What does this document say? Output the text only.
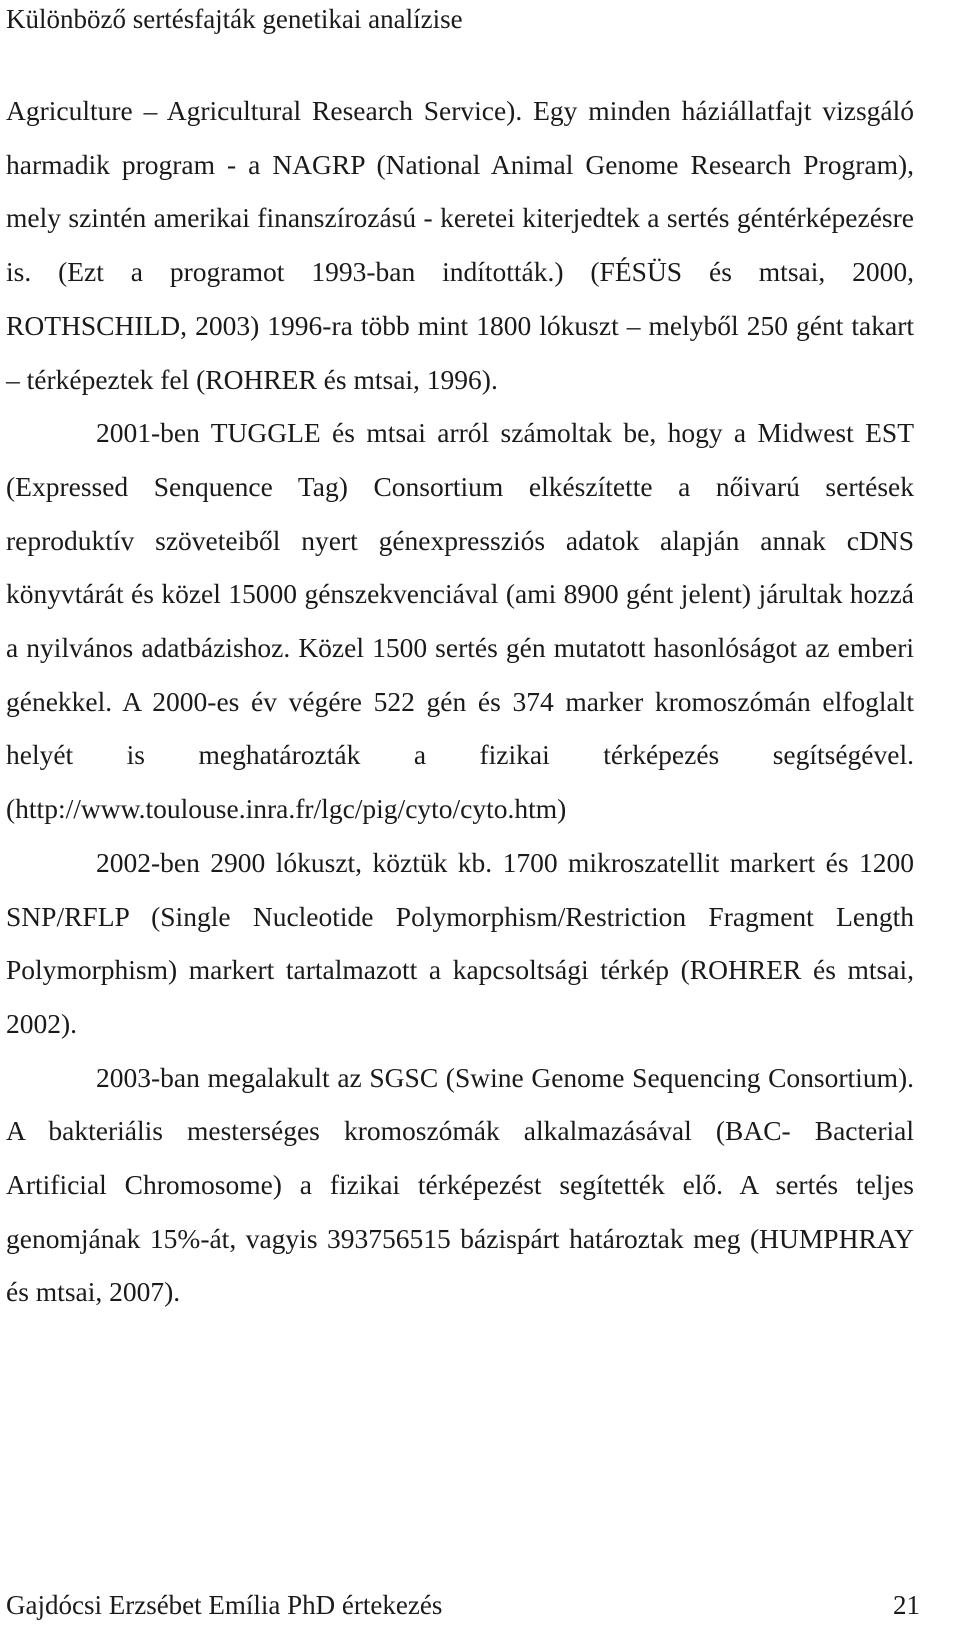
Különböző sertésfajták genetikai analízise

Agriculture – Agricultural Research Service). Egy minden háziállatfajt vizsgáló harmadik program - a NAGRP (National Animal Genome Research Program), mely szintén amerikai finanszírozású - keretei kiterjedtek a sertés géntérképezésre is. (Ezt a programot 1993-ban indították.) (FÉSÜS és mtsai, 2000, ROTHSCHILD, 2003) 1996-ra több mint 1800 lókuszt – melyből 250 gént takart – térképeztek fel (ROHRER és mtsai, 1996).

2001-ben TUGGLE és mtsai arról számoltak be, hogy a Midwest EST (Expressed Senquence Tag) Consortium elkészítette a nőivarú sertések reproduktív szöveteiből nyert génexpressziós adatok alapján annak cDNS könyvtárát és közel 15000 génszekvenciával (ami 8900 gént jelent) járultak hozzá a nyilvános adatbázishoz. Közel 1500 sertés gén mutatott hasonlóságot az emberi génekkel. A 2000-es év végére 522 gén és 374 marker kromoszómán elfoglalt helyét is meghatározták a fizikai térképezés segítségével. (http://www.toulouse.inra.fr/lgc/pig/cyto/cyto.htm)

2002-ben 2900 lókuszt, köztük kb. 1700 mikroszatellit markert és 1200 SNP/RFLP (Single Nucleotide Polymorphism/Restriction Fragment Length Polymorphism) markert tartalmazott a kapcsoltsági térkép (ROHRER és mtsai, 2002).

2003-ban megalakult az SGSC (Swine Genome Sequencing Consortium). A bakteriális mesterséges kromoszómák alkalmazásával (BAC- Bacterial Artificial Chromosome) a fizikai térképezést segítették elő. A sertés teljes genomjának 15%-át, vagyis 393756515 bázispárt határoztak meg (HUMPHRAY és mtsai, 2007).

Gajdócsi Erzsébet Emília PhD értekezés	21
